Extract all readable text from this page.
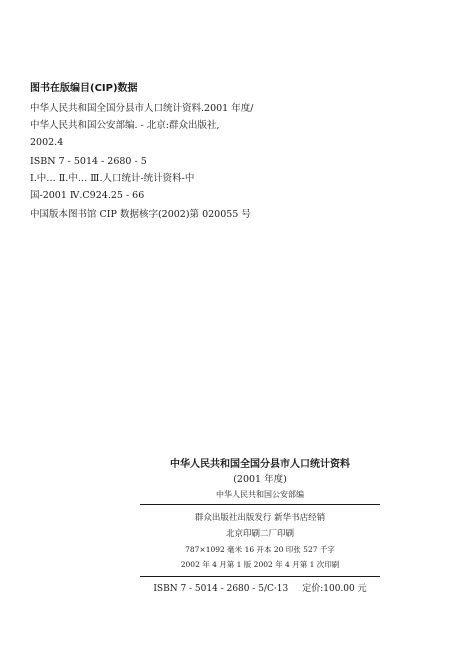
图书在版编目(CIP)数据
中华人民共和国全国分县市人口统计资料.2001 年度/
中华人民共和国公安部编. - 北京:群众出版社,
2002.4
ISBN 7 - 5014 - 2680 - 5
Ⅰ.中… Ⅱ.中… Ⅲ.人口统计-统计资料-中
国-2001 Ⅳ.C924.25 - 66
中国版本图书馆 CIP 数据核字(2002)第 020055 号
中华人民共和国全国分县市人口统计资料
(2001 年度)
中华人民共和国公安部编
群众出版社出版发行 新华书店经销
北京印刷二厂印刷
787×1092 毫米 16 开本 20 印张 527 千字
2002 年 4 月第 1 版 2002 年 4 月第 1 次印刷
ISBN 7 - 5014 - 2680 - 5/C·13 定价:100.00 元
